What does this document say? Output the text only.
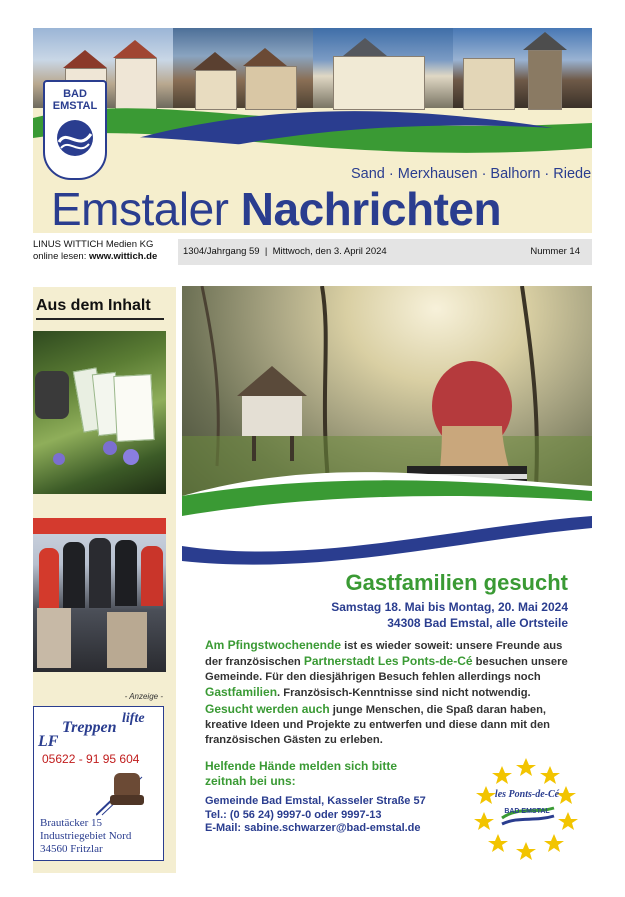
BAD
EMSTAL
Sand · Merxhausen · Balhorn · Riede
Emstaler Nachrichten
LINUS WITTICH Medien KG
online lesen: www.wittich.de	1304/Jahrgang 59  |  Mittwoch, den 3. April 2024	Nummer 14
Aus dem Inhalt
- Anzeige -
lifte
Treppen
LF
05622 - 91 95 604
Brautäcker 15
Industriegebiet Nord
34560 Fritzlar
Gastfamilien gesucht
Samstag 18. Mai bis Montag, 20. Mai 2024
34308 Bad Emstal, alle Ortsteile
Am Pfingstwochenende ist es wieder soweit: unsere Freunde aus der französischen Partnerstadt Les Ponts-de-Cé besuchen unsere Gemeinde. Für den diesjährigen Besuch fehlen allerdings noch Gastfamilien. Französisch-Kenntnisse sind nicht notwendig.
Gesucht werden auch junge Menschen, die Spaß daran haben, kreative Ideen und Projekte zu entwerfen und diese dann mit den französischen Gästen zu erleben.
Helfende Hände melden sich bitte zeitnah bei uns:
Gemeinde Bad Emstal, Kasseler Straße 57
Tel.: (0 56 24) 9997-0 oder 9997-13
E-Mail: sabine.schwarzer@bad-emstal.de
les Ponts-de-Cé
BAD EMSTAL
